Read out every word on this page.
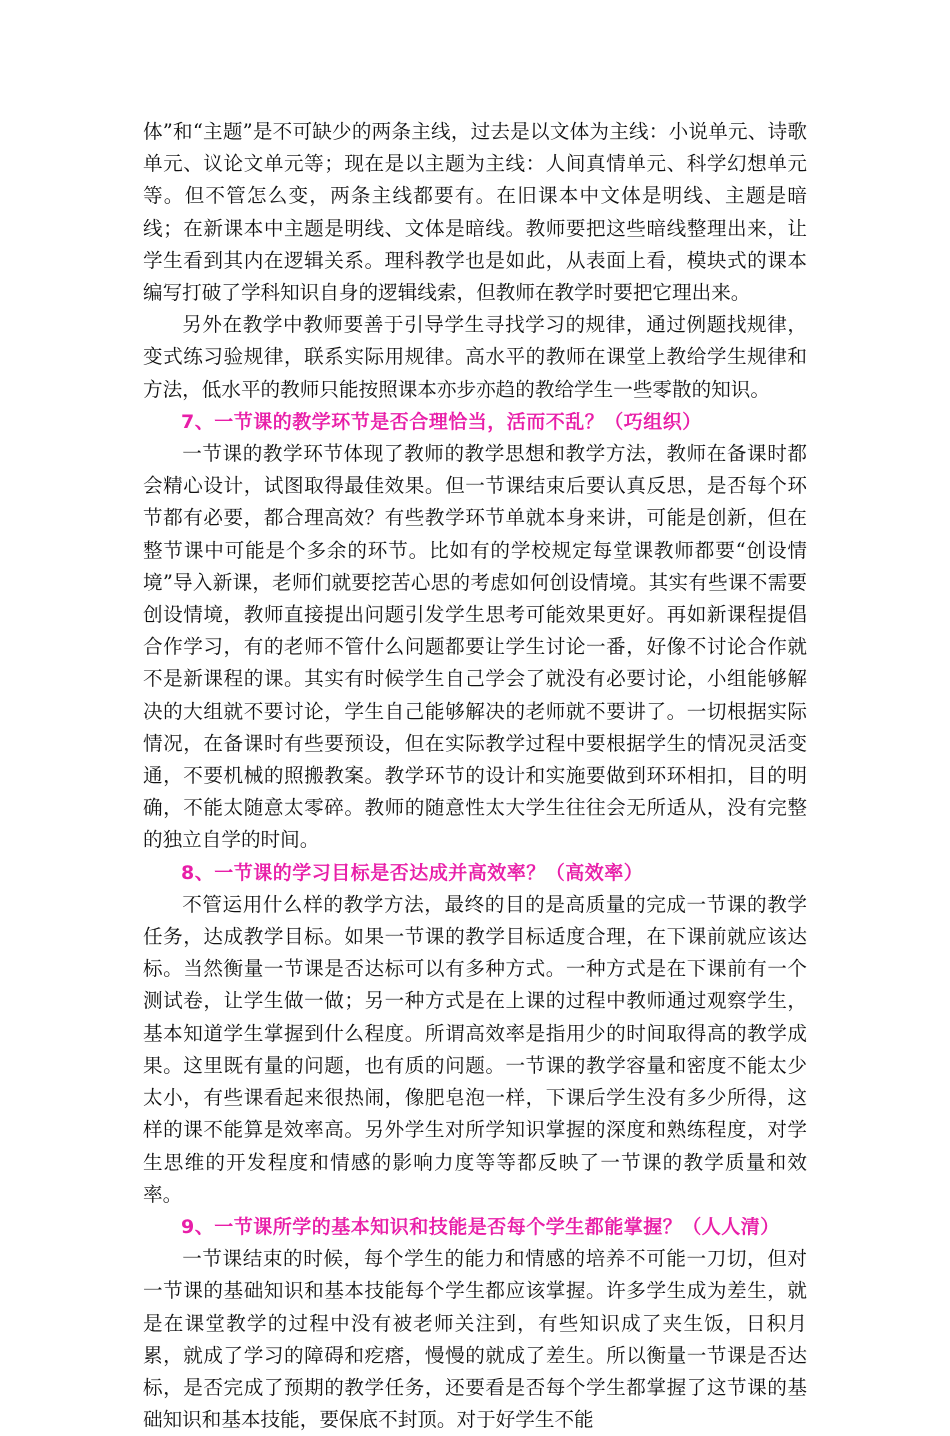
体”和“主题”是不可缺少的两条主线，过去是以文体为主线：小说单元、诗歌单元、议论文单元等；现在是以主题为主线：人间真情单元、科学幻想单元等。但不管怎么变，两条主线都要有。在旧课本中文体是明线、主题是暗线；在新课本中主题是明线、文体是暗线。教师要把这些暗线整理出来，让学生看到其内在逻辑关系。理科教学也是如此，从表面上看，模块式的课本编写打破了学科知识自身的逻辑线索，但教师在教学时要把它理出来。

另外在教学中教师要善于引导学生寻找学习的规律，通过例题找规律，变式练习验规律，联系实际用规律。高水平的教师在课堂上教给学生规律和方法，低水平的教师只能按照课本亦步亦趋的教给学生一些零散的知识。

7、一节课的教学环节是否合理恰当，活而不乱？（巧组织）

一节课的教学环节体现了教师的教学思想和教学方法，教师在备课时都会精心设计，试图取得最佳效果。但一节课结束后要认真反思，是否每个环节都有必要，都合理高效？有些教学环节单就本身来讲，可能是创新，但在整节课中可能是个多余的环节。比如有的学校规定每堂课教师都要“创设情境”导入新课，老师们就要挖苦心思的考虑如何创设情境。其实有些课不需要创设情境，教师直接提出问题引发学生思考可能效果更好。再如新课程提倡合作学习，有的老师不管什么问题都要让学生讨论一番，好像不讨论合作就不是新课程的课。其实有时候学生自己学会了就没有必要讨论，小组能够解决的大组就不要讨论，学生自己能够解决的老师就不要讲了。一切根据实际情况，在备课时有些要预设，但在实际教学过程中要根据学生的情况灵活变通，不要机械的照搬教案。教学环节的设计和实施要做到环环相扣，目的明确，不能太随意太零碎。教师的随意性太大学生往往会无所适从，没有完整的独立自学的时间。

8、一节课的学习目标是否达成并高效率？（高效率）

不管运用什么样的教学方法，最终的目的是高质量的完成一节课的教学任务，达成教学目标。如果一节课的教学目标适度合理，在下课前就应该达标。当然衡量一节课是否达标可以有多种方式。一种方式是在下课前有一个测试卷，让学生做一做；另一种方式是在上课的过程中教师通过观察学生，基本知道学生掌握到什么程度。所谓高效率是指用少的时间取得高的教学成果。这里既有量的问题，也有质的问题。一节课的教学容量和密度不能太少太小，有些课看起来很热闹，像肥皂泡一样，下课后学生没有多少所得，这样的课不能算是效率高。另外学生对所学知识掌握的深度和熟练程度，对学生思维的开发程度和情感的影响力度等等都反映了一节课的教学质量和效率。

9、一节课所学的基本知识和技能是否每个学生都能掌握？（人人清）

一节课结束的时候，每个学生的能力和情感的培养不可能一刀切，但对一节课的基础知识和基本技能每个学生都应该掌握。许多学生成为差生，就是在课堂教学的过程中没有被老师关注到，有些知识成了夹生饭，日积月累，就成了学习的障碍和疙瘩，慢慢的就成了差生。所以衡量一节课是否达标，是否完成了预期的教学任务，还要看是否每个学生都掌握了这节课的基础知识和基本技能，要保底不封顶。对于好学生不能
